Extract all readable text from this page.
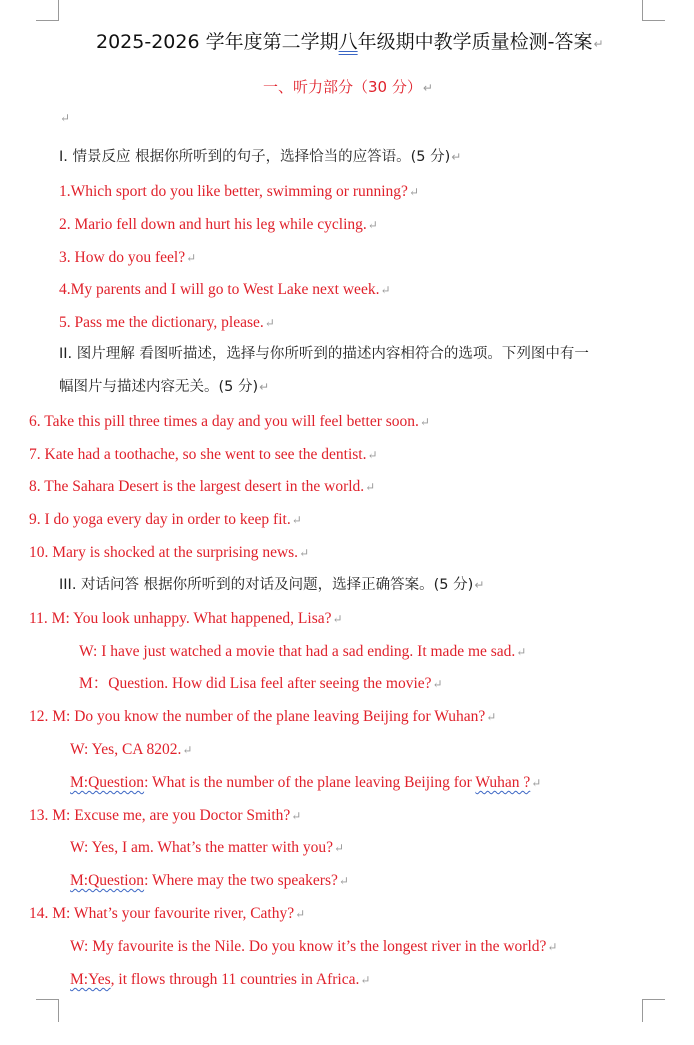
2025-2026 学年度第二学期八年级期中教学质量检测-答案 ↵
一、听力部分（30 分） ↵
↵
I. 情景反应 根据你所听到的句子，选择恰当的应答语。(5 分) ↵
1.Which sport do you like better, swimming or running? ↵
2. Mario fell down and hurt his leg while cycling. ↵
3. How do you feel? ↵
4.My parents and I will go to West Lake next week. ↵
5. Pass me the dictionary, please. ↵
II. 图片理解 看图听描述，选择与你所听到的描述内容相符合的选项。下列图中有一
幅图片与描述内容无关。(5 分) ↵
6. Take this pill three times a day and you will feel better soon. ↵
7. Kate had a toothache, so she went to see the dentist. ↵
8. The Sahara Desert is the largest desert in the world. ↵
9. I do yoga every day in order to keep fit. ↵
10. Mary is shocked at the surprising news. ↵
III. 对话问答 根据你所听到的对话及问题，选择正确答案。(5 分) ↵
11. M: You look unhappy. What happened, Lisa? ↵
W: I have just watched a movie that had a sad ending. It made me sad. ↵
M：Question. How did Lisa feel after seeing the movie? ↵
12. M: Do you know the number of the plane leaving Beijing for Wuhan? ↵
W: Yes, CA 8202. ↵
M:Question: What is the number of the plane leaving Beijing for Wuhan ? ↵
13. M: Excuse me, are you Doctor Smith? ↵
W: Yes, I am. What’s the matter with you? ↵
M:Question: Where may the two speakers? ↵
14. M: What’s your favourite river, Cathy? ↵
W: My favourite is the Nile. Do you know it’s the longest river in the world? ↵
M:Yes, it flows through 11 countries in Africa. ↵
